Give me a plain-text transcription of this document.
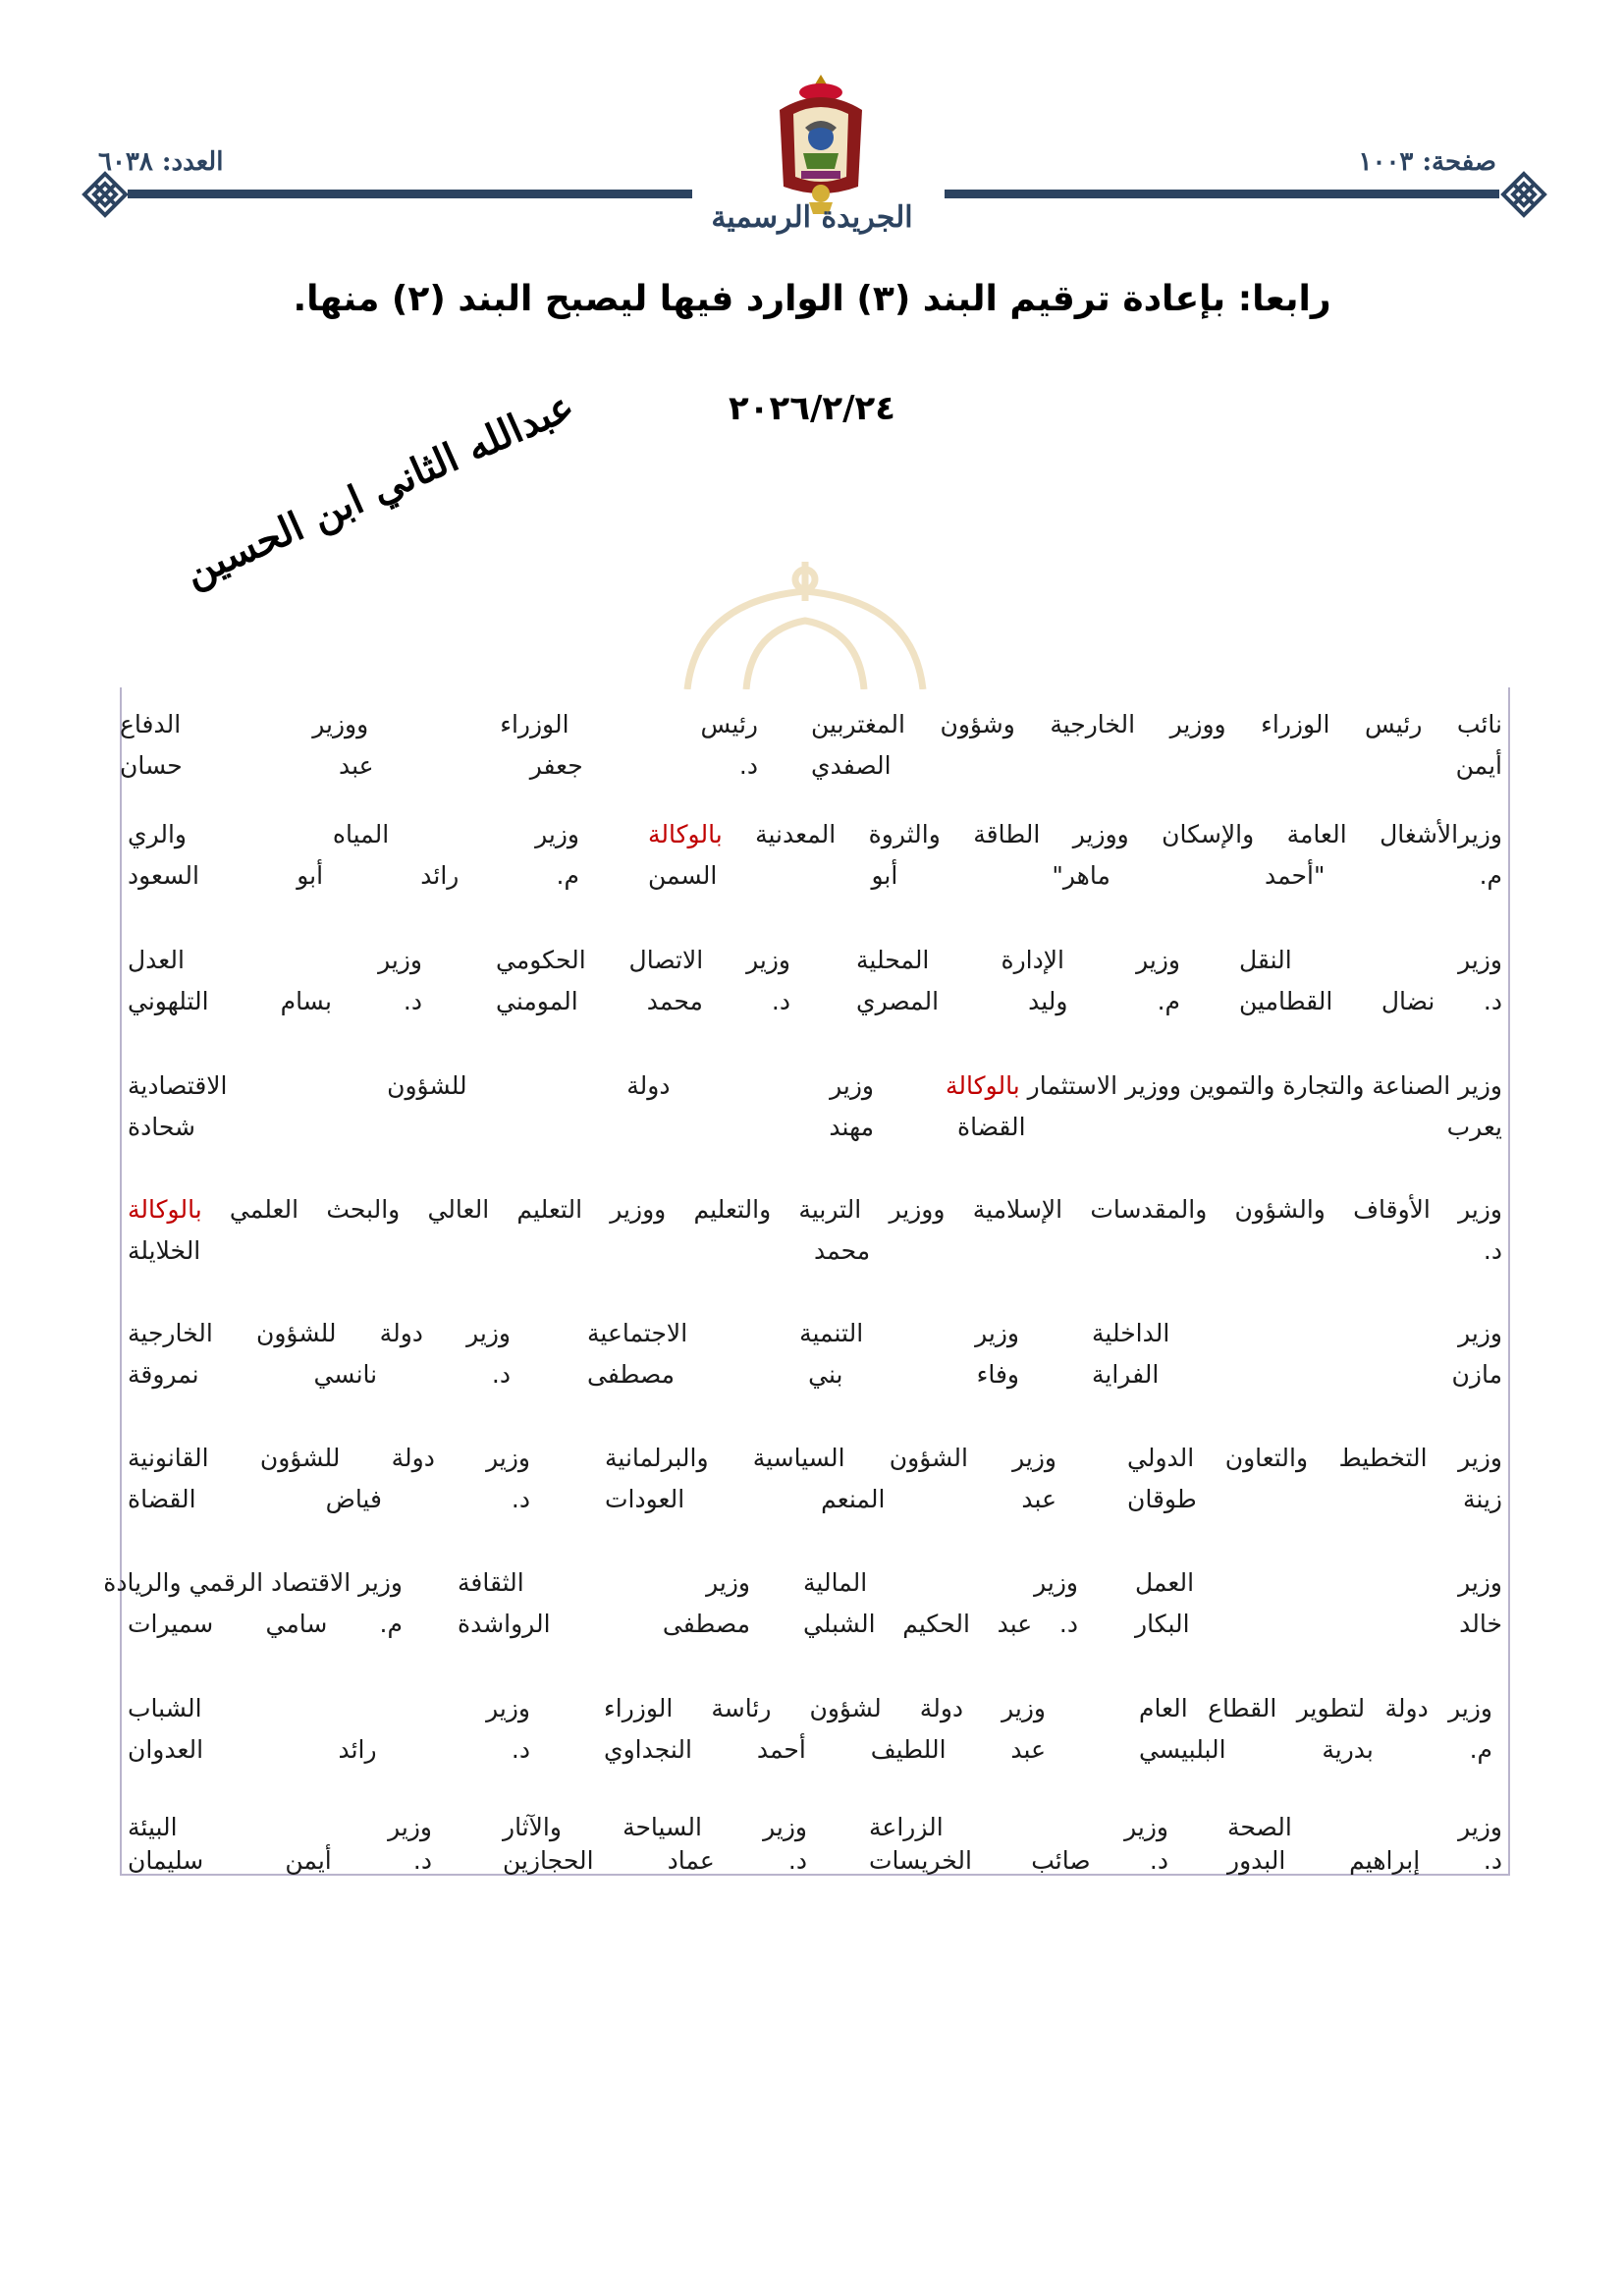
صفحة: ١٠٠٣
العدد: ٦٠٣٨
الجريدة الرسمية
رابعا: بإعادة ترقيم البند (٣) الوارد فيها ليصبح البند (٢) منها.
٢٠٢٦/٢/٢٤
عبدالله الثاني ابن الحسين
رئيس الوزراء ووزير الدفاع
د. جعفر عبد حسان
نائب رئيس الوزراء ووزير الخارجية وشؤون المغتربين
أيمن الصفدي
وزير المياه والري
م. رائد أبو السعود
وزيرالأشغال العامة والإسكان ووزير الطاقة والثروة المعدنية بالوكالة
م. "أحمد ماهر" أبو السمن
وزير العدل
د. بسام التلهوني
وزير الاتصال الحكومي
د. محمد المومني
وزير الإدارة المحلية
م. وليد المصري
وزير النقل
د. نضال القطامين
وزير دولة للشؤون الاقتصادية
مهند شحادة
وزير الصناعة والتجارة والتموين ووزير الاستثمار بالوكالة
يعرب القضاة
وزير الأوقاف والشؤون والمقدسات الإسلامية ووزير التربية والتعليم ووزير التعليم العالي والبحث العلمي بالوكالة
د. محمد الخلايلة
وزير دولة للشؤون الخارجية
د. نانسي نمروقة
وزير التنمية الاجتماعية
وفاء بني مصطفى
وزير الداخلية
مازن الفراية
وزير دولة للشؤون القانونية
د. فياض القضاة
وزير الشؤون السياسية والبرلمانية
عبد المنعم العودات
وزير التخطيط والتعاون الدولي
زينة طوقان
وزير الاقتصاد الرقمي والريادة
م. سامي سميرات
وزير الثقافة
مصطفى الرواشدة
وزير المالية
د. عبد الحكيم الشبلي
وزير العمل
خالد البكار
وزير الشباب
د. رائد العدوان
وزير دولة لشؤون رئاسة الوزراء
عبد اللطيف أحمد النجداوي
وزير دولة لتطوير القطاع العام
م. بدرية البلبيسي
وزير البيئة
د. أيمن سليمان
وزير السياحة والآثار
د. عماد الحجازين
وزير الزراعة
د. صائب الخريسات
وزير الصحة
د. إبراهيم البدور
